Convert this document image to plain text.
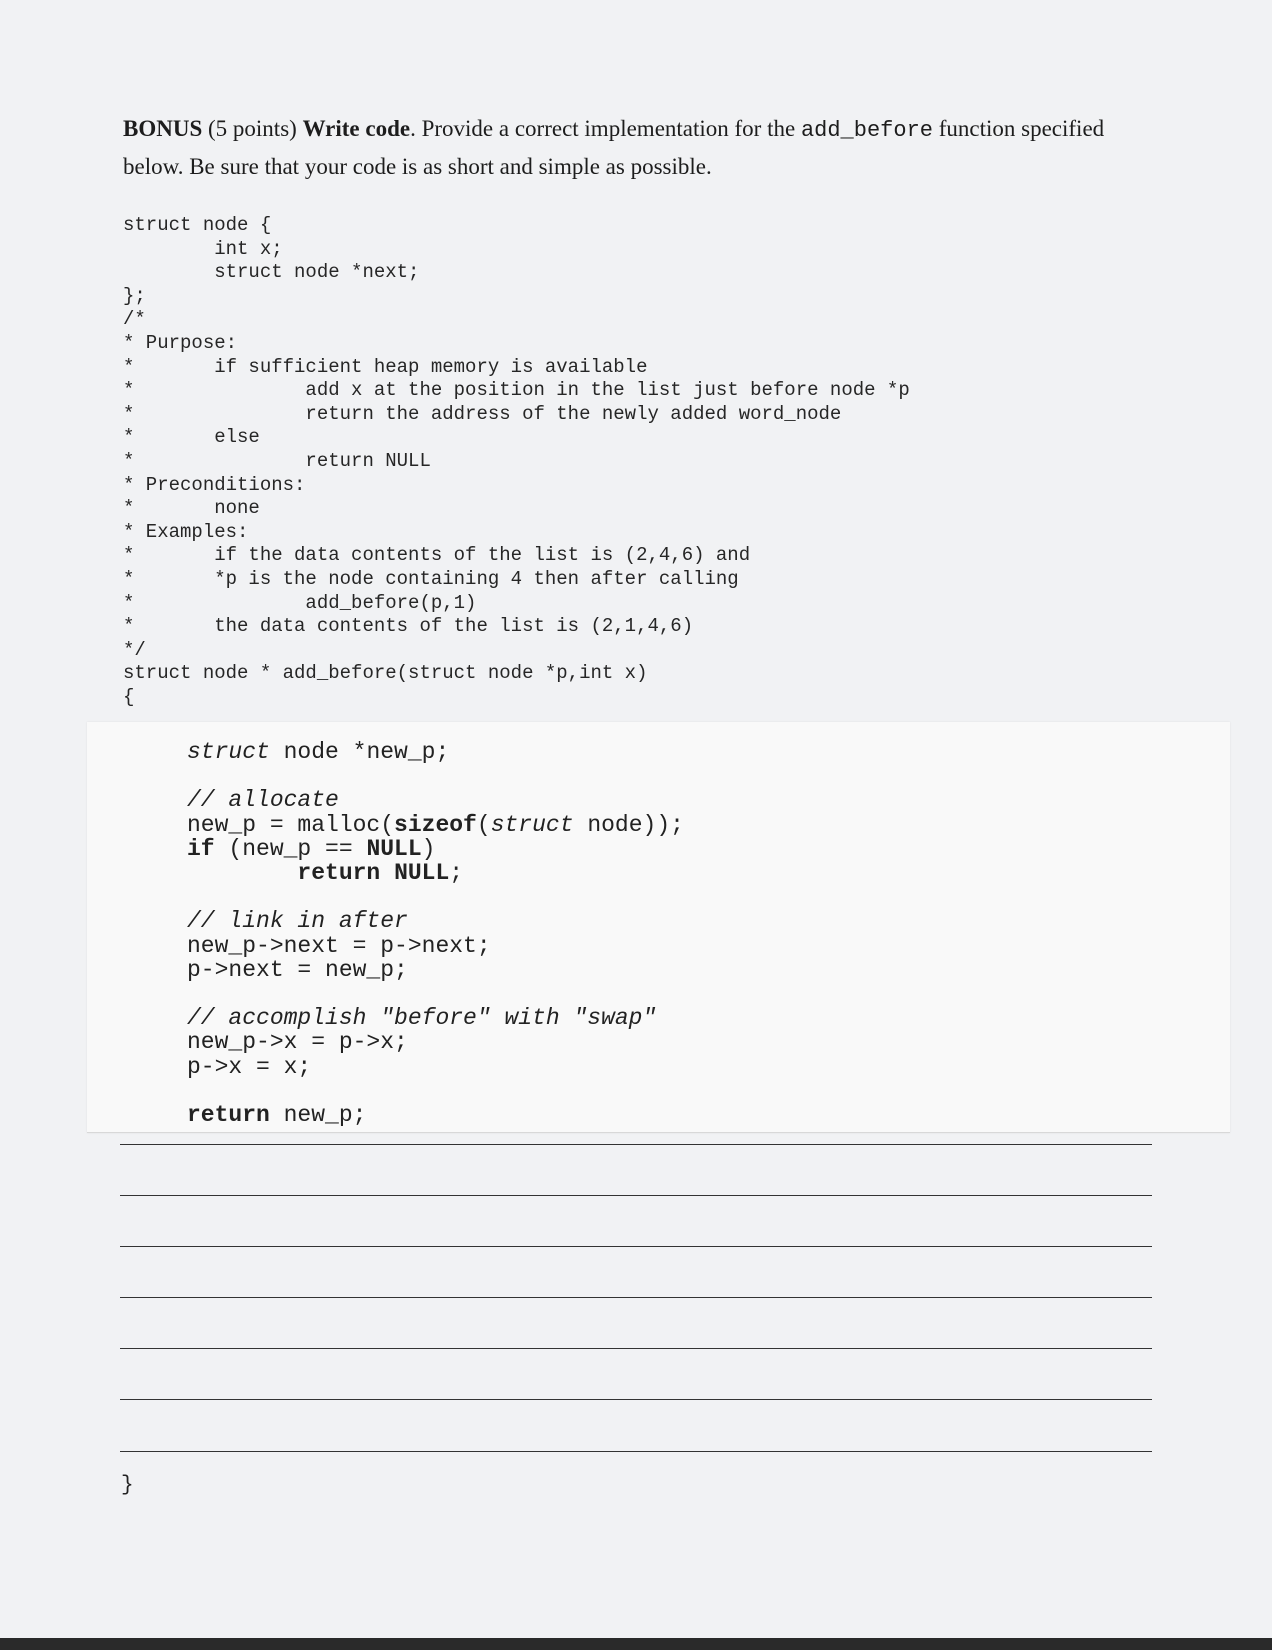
BONUS (5 points) Write code. Provide a correct implementation for the add_before function specified below. Be sure that your code is as short and simple as possible.
struct node {
int x;
struct node *next;
};
/*
* Purpose:
*       if sufficient heap memory is available
*               add x at the position in the list just before node *p
*               return the address of the newly added word_node
*       else
*               return NULL
* Preconditions:
*       none
* Examples:
*       if the data contents of the list is (2,4,6) and
*       *p is the node containing 4 then after calling
*               add_before(p,1)
*       the data contents of the list is (2,1,4,6)
*/
struct node * add_before(struct node *p,int x)
{
struct node *new_p;

// allocate
new_p = malloc(sizeof(struct node));
if (new_p == NULL)
return NULL;

// link in after
new_p->next = p->next;
p->next = new_p;

// accomplish "before" with "swap"
new_p->x = p->x;
p->x = x;

return new_p;
}
